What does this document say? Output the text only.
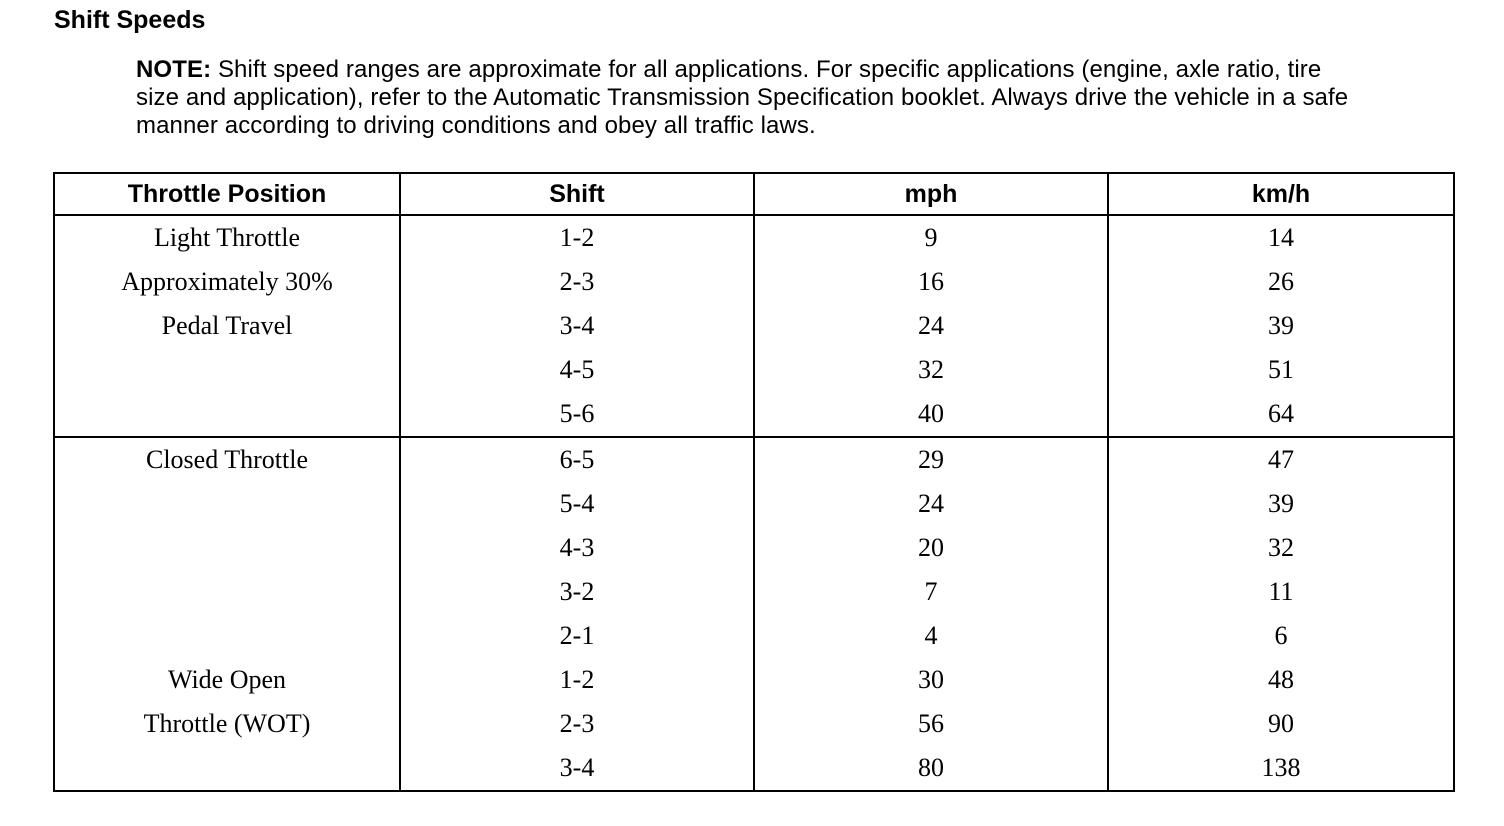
Shift Speeds

NOTE: Shift speed ranges are approximate for all applications. For specific applications (engine, axle ratio, tire size and application), refer to the Automatic Transmission Specification booklet. Always drive the vehicle in a safe manner according to driving conditions and obey all traffic laws.

Throttle Position	Shift	mph	km/h
Light Throttle	1-2	9	14
Approximately 30%	2-3	16	26
Pedal Travel	3-4	24	39
	4-5	32	51
	5-6	40	64
Closed Throttle	6-5	29	47
	5-4	24	39
	4-3	20	32
	3-2	7	11
	2-1	4	6
Wide Open	1-2	30	48
Throttle (WOT)	2-3	56	90
	3-4	80	138
